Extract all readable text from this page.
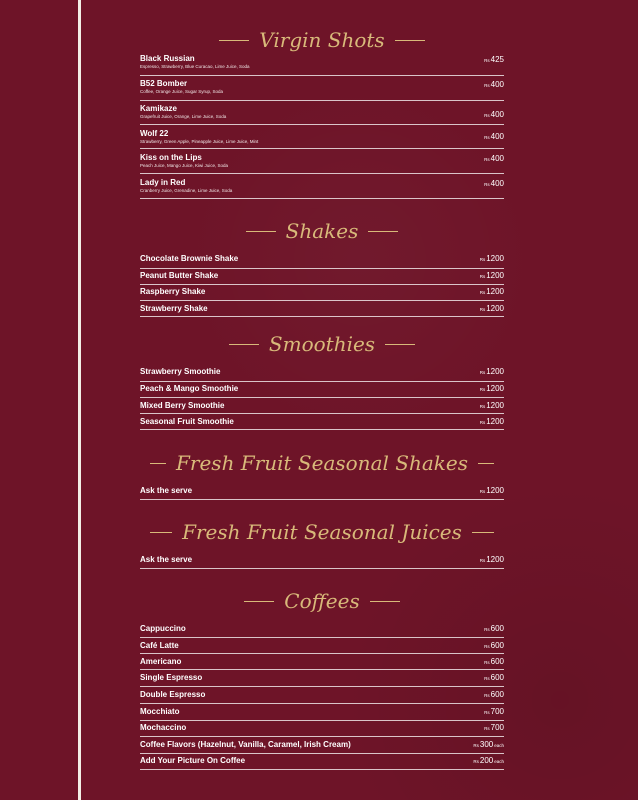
Virgin Shots
Black Russian
Espresso, Strawberry, Blue Curacao, Lime Juice, Soda
Rs425
B52 Bomber
Coffee, Orange Juice, Sugar Syrup, Soda
Rs400
Kamikaze
Grapefruit Juice, Orange, Lime Juice, Soda	Rs400
Wolf 22
Strawberry, Green Apple, Pineapple Juice, Lime Juice, Mint
Rs400
Kiss on the Lips
Peach Juice, Mango Juice, Kiwi Juice, Soda
Rs400
Lady in Red
Cranberry Juice, Grenadine, Lime Juice, Soda
Rs400
Shakes
Chocolate Brownie Shake	Rs1200
Peanut Butter Shake	Rs1200
Raspberry Shake	Rs1200
Strawberry Shake	Rs1200
Smoothies
Strawberry Smoothie	Rs1200
Peach & Mango Smoothie	Rs1200
Mixed Berry Smoothie	Rs1200
Seasonal Fruit Smoothie	Rs1200
Fresh Fruit Seasonal Shakes
Ask the serve	Rs1200
Fresh Fruit Seasonal Juices
Ask the serve	Rs1200
Coffees
Cappuccino	Rs600
Café Latte	Rs600
Americano	Rs600
Single Espresso	Rs600
Double Espresso	Rs600
Mocchiato	Rs700
Mochaccino	Rs700
Coffee Flavors (Hazelnut, Vanilla, Caramel, Irish Cream)	Rs300each
Add Your Picture On Coffee	Rs200each
